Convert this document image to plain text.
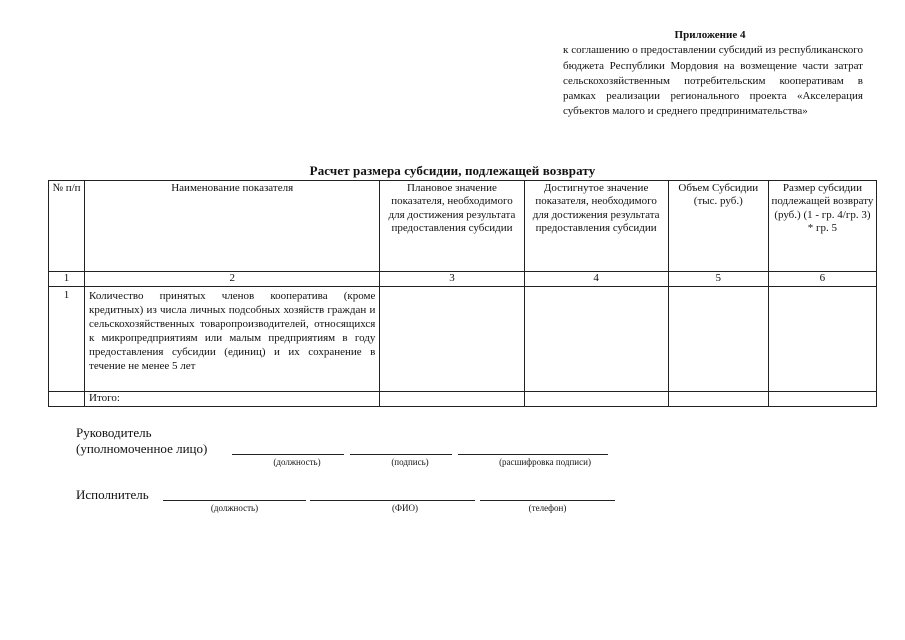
Приложение 4
к соглашению о предоставлении субсидий из республиканского бюджета Республики Мордовия на возмещение части затрат сельскохозяйственным потребительским кооперативам в рамках реализации регионального проекта «Акселерация субъектов малого и среднего предпринимательства»
Расчет размера субсидии, подлежащей возврату
№ п/п	Наименование показателя	Плановое значение показателя, необходимого для достижения результата предоставления субсидии	Достигнутое значение показателя, необходимого для достижения результата предоставления субсидии	Объем Субсидии (тыс. руб.)	Размер субсидии подлежащей возврату (руб.) (1 - гр. 4/гр. 3) * гр. 5
1	2	3	4	5	6
1	Количество принятых членов кооператива (кроме кредитных) из числа личных подсобных хозяйств граждан и сельскохозяйственных товаропроизводителей, относящихся к микропредприятиям или малым предприятиям в году предоставления субсидии (единиц) и их сохранение в течение не менее 5 лет				
	Итого:				
Руководитель
(уполномоченное лицо)
(должность)	(подпись)	(расшифровка подписи)
Исполнитель
(должность)	(ФИО)	(телефон)
